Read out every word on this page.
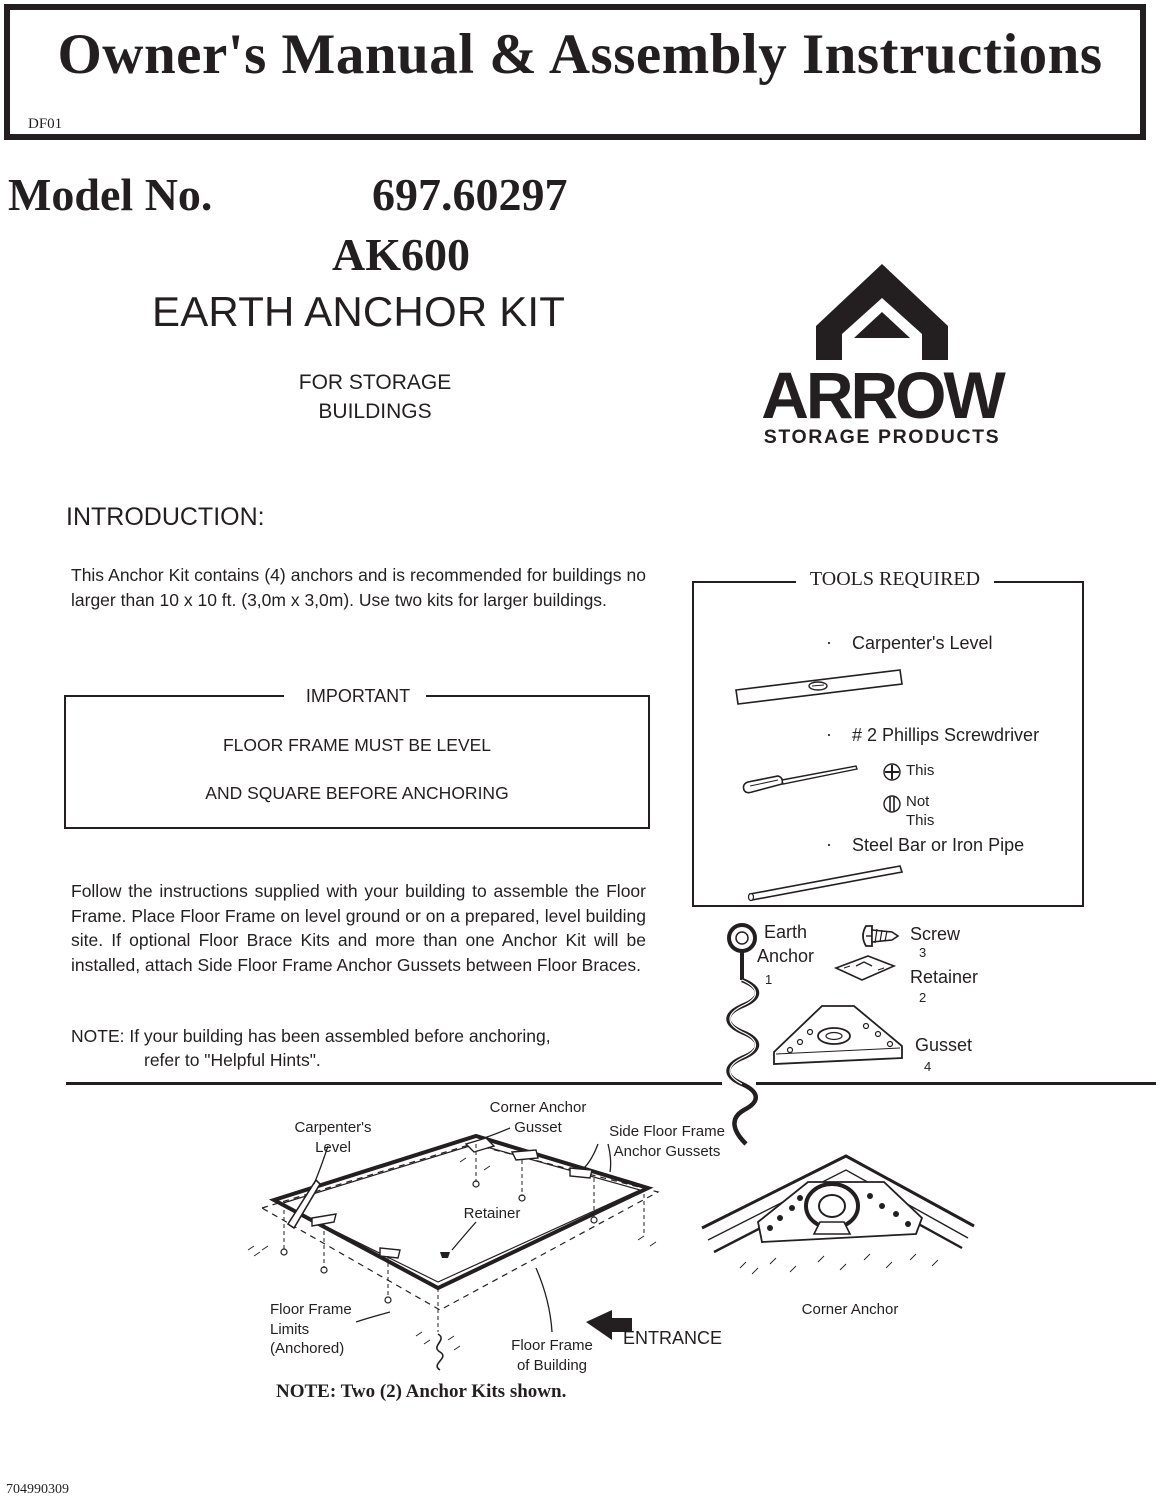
Owner's Manual & Assembly Instructions
DF01
Model No.	697.60297
AK600
EARTH ANCHOR KIT
FOR STORAGE
BUILDINGS	ARROW
STORAGE PRODUCTS
INTRODUCTION:
This Anchor Kit contains (4) anchors and is recommended for buildings no larger than 10 x 10 ft. (3,0m x 3,0m). Use two kits for larger buildings.
IMPORTANT
FLOOR FRAME MUST BE LEVEL
AND SQUARE BEFORE ANCHORING
Follow the instructions supplied with your building to assemble the Floor Frame. Place Floor Frame on level ground or on a prepared, level building site. If optional Floor Brace Kits and more than one Anchor Kit will be installed, attach Side Floor Frame Anchor Gussets between Floor Braces.
NOTE: If your building has been assembled before anchoring,
refer to "Helpful Hints".
TOOLS REQUIRED
· Carpenter's Level
· # 2 Phillips Screwdriver
This
Not
This
· Steel Bar or Iron Pipe
Earth
Anchor
1
Screw
3
Retainer
2
Gusset
4
Carpenter's
Level
Corner Anchor
Gusset	Side Floor Frame
Anchor Gussets
Retainer
Floor Frame
Limits
(Anchored)	Floor Frame
of Building
ENTRANCE
Corner Anchor
NOTE: Two (2) Anchor Kits shown.
704990309
